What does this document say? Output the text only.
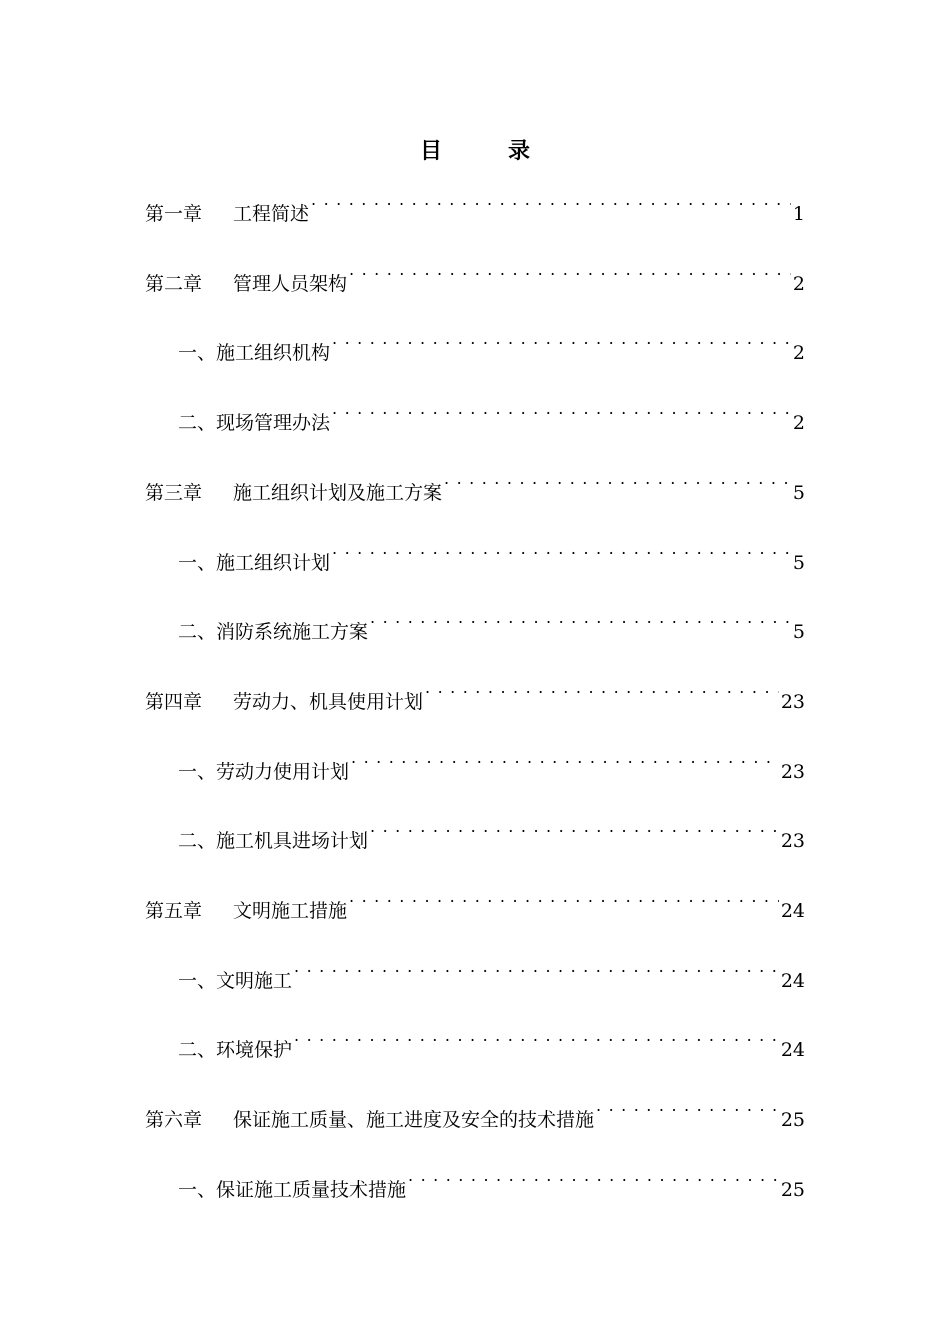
目　录
第一章	工程简述 . . .	1
第二章	管理人员架构 . . .	2
一、施工组织机构 . . .	2
二、现场管理办法 . . .	2
第三章	施工组织计划及施工方案 . . .	5
一、施工组织计划 . . .	5
二、消防系统施工方案 . . .	5
第四章	劳动力、机具使用计划 . . .	23
一、劳动力使用计划 . . .	23
二、施工机具进场计划 . . .	23
第五章	文明施工措施 . . .	24
一、文明施工 . . .	24
二、环境保护 . . .	24
第六章	保证施工质量、施工进度及安全的技术措施 . . .	25
一、保证施工质量技术措施 . . .	25
